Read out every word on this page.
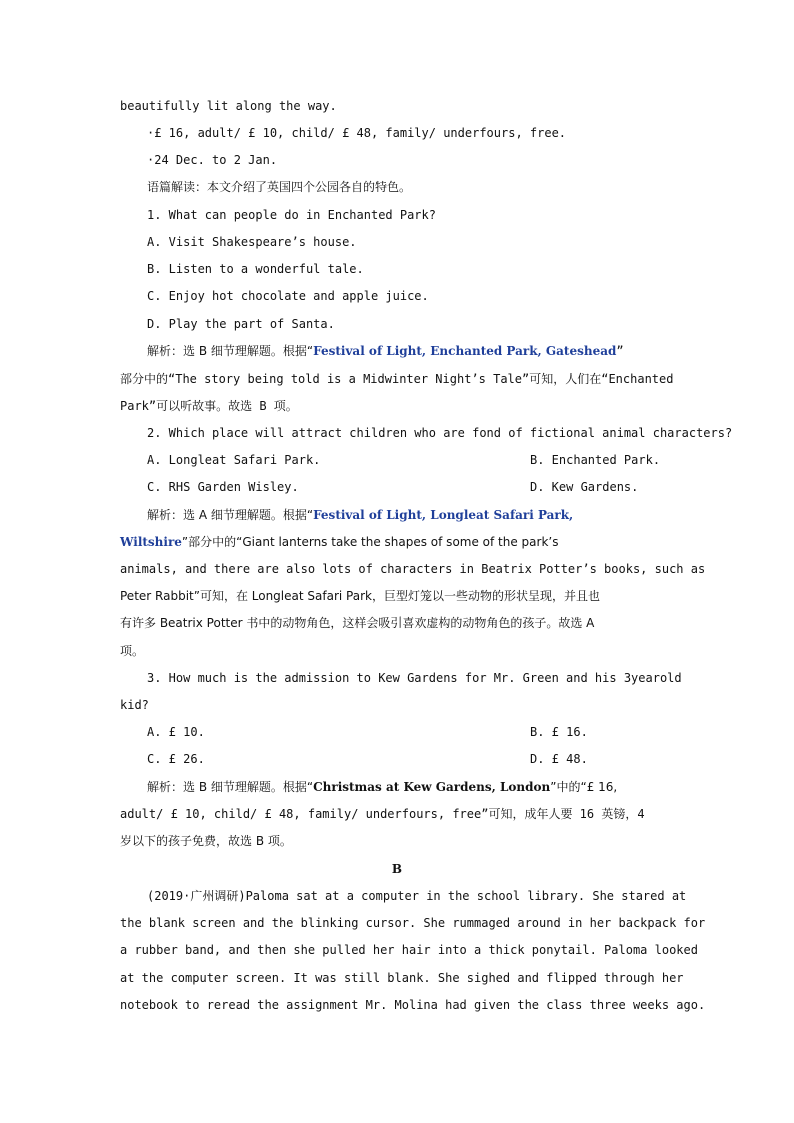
beautifully lit along the way.
·£ 16, adult/ £ 10, child/ £ 48, family/ underfours, free.
·24 Dec. to 2 Jan.
语篇解读：本文介绍了英国四个公园各自的特色。
1. What can people do in Enchanted Park?
A. Visit Shakespeare’s house.
B. Listen to a wonderful tale.
C. Enjoy hot chocolate and apple juice.
D. Play the part of Santa.
解析：选 B 细节理解题。根据“Festival of Light, Enchanted Park, Gateshead”
部分中的“The story being told is a Midwinter Night’s Tale”可知，人们在“Enchanted
Park”可以听故事。故选 B 项。
2. Which place will attract children who are fond of fictional animal characters?
A. Longleat Safari Park.	B. Enchanted Park.
C. RHS Garden Wisley.	D. Kew Gardens.
解析：选 A 细节理解题。根据“Festival of Light, Longleat Safari Park,
Wiltshire”部分中的“Giant lanterns take the shapes of some of the park’s
animals, and there are also lots of characters in Beatrix Potter’s books, such as
Peter Rabbit”可知，在 Longleat Safari Park，巨型灯笼以一些动物的形状呈现，并且也
有许多 Beatrix Potter 书中的动物角色，这样会吸引喜欢虚构的动物角色的孩子。故选 A
项。
3. How much is the admission to Kew Gardens for Mr. Green and his 3yearold
kid?
A. £ 10.	B. £ 16.
C. £ 26.	D. £ 48.
解析：选 B 细节理解题。根据“Christmas at Kew Gardens, London”中的“£ 16,
adult/ £ 10, child/ £ 48, family/ underfours, free”可知，成年人要 16 英镑，4
岁以下的孩子免费，故选 B 项。
B
(2019·广州调研)Paloma sat at a computer in the school library. She stared at
the blank screen and the blinking cursor. She rummaged around in her backpack for
a rubber band, and then she pulled her hair into a thick ponytail. Paloma looked
at the computer screen. It was still blank. She sighed and flipped through her
notebook to reread the assignment Mr. Molina had given the class three weeks ago.
